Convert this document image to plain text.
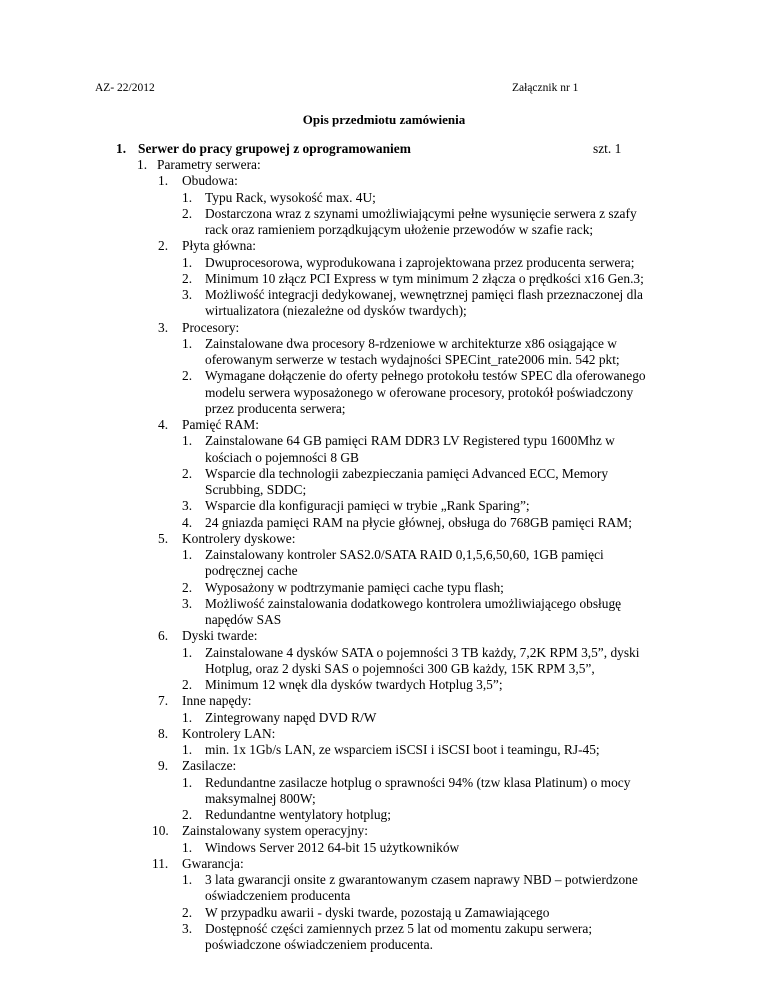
AZ- 22/2012	Załącznik nr 1
Opis przedmiotu zamówienia
1. Serwer do pracy grupowej z oprogramowaniem	szt. 1
1. Parametry serwera:
1. Obudowa:
1. Typu Rack, wysokość max. 4U;
2. Dostarczona wraz z szynami umożliwiającymi pełne wysunięcie serwera z szafy
rack oraz ramieniem porządkującym ułożenie przewodów w szafie rack;
2. Płyta główna:
1. Dwuprocesorowa, wyprodukowana i zaprojektowana przez producenta serwera;
2. Minimum 10 złącz PCI Express w tym minimum 2 złącza o prędkości x16 Gen.3;
3. Możliwość integracji dedykowanej, wewnętrznej pamięci flash przeznaczonej dla
wirtualizatora (niezależne od dysków twardych);
3. Procesory:
1. Zainstalowane dwa procesory 8-rdzeniowe w architekturze x86 osiągające w
oferowanym serwerze w testach wydajności SPECint_rate2006 min. 542 pkt;
2. Wymagane dołączenie do oferty pełnego protokołu testów SPEC dla oferowanego
modelu serwera wyposażonego w oferowane procesory, protokół poświadczony
przez producenta serwera;
4. Pamięć RAM:
1. Zainstalowane 64 GB pamięci RAM DDR3 LV Registered typu 1600Mhz w
kościach o pojemności 8 GB
2. Wsparcie dla technologii zabezpieczania pamięci Advanced ECC, Memory
Scrubbing, SDDC;
3. Wsparcie dla konfiguracji pamięci w trybie „Rank Sparing”;
4. 24 gniazda pamięci RAM na płycie głównej, obsługa do 768GB pamięci RAM;
5. Kontrolery dyskowe:
1. Zainstalowany kontroler SAS2.0/SATA RAID 0,1,5,6,50,60, 1GB pamięci
podręcznej cache
2. Wyposażony w podtrzymanie pamięci cache typu flash;
3. Możliwość zainstalowania dodatkowego kontrolera umożliwiającego obsługę
napędów SAS
6. Dyski twarde:
1. Zainstalowane 4 dysków SATA o pojemności 3 TB każdy, 7,2K RPM 3,5”, dyski
Hotplug, oraz 2 dyski SAS o pojemności 300 GB każdy, 15K RPM 3,5”,
2. Minimum 12 wnęk dla dysków twardych Hotplug 3,5”;
7. Inne napędy:
1. Zintegrowany napęd DVD R/W
8. Kontrolery LAN:
1. min. 1x 1Gb/s LAN, ze wsparciem iSCSI i iSCSI boot i teamingu, RJ-45;
9. Zasilacze:
1. Redundantne zasilacze hotplug o sprawności 94% (tzw klasa Platinum) o mocy
maksymalnej 800W;
2. Redundantne wentylatory hotplug;
10. Zainstalowany system operacyjny:
1. Windows Server 2012 64-bit 15 użytkowników
11. Gwarancja:
1. 3 lata gwarancji onsite z gwarantowanym czasem naprawy NBD – potwierdzone
oświadczeniem producenta
2. W przypadku awarii - dyski twarde, pozostają u Zamawiającego
3. Dostępność części zamiennych przez 5 lat od momentu zakupu serwera;
poświadczone oświadczeniem producenta.
